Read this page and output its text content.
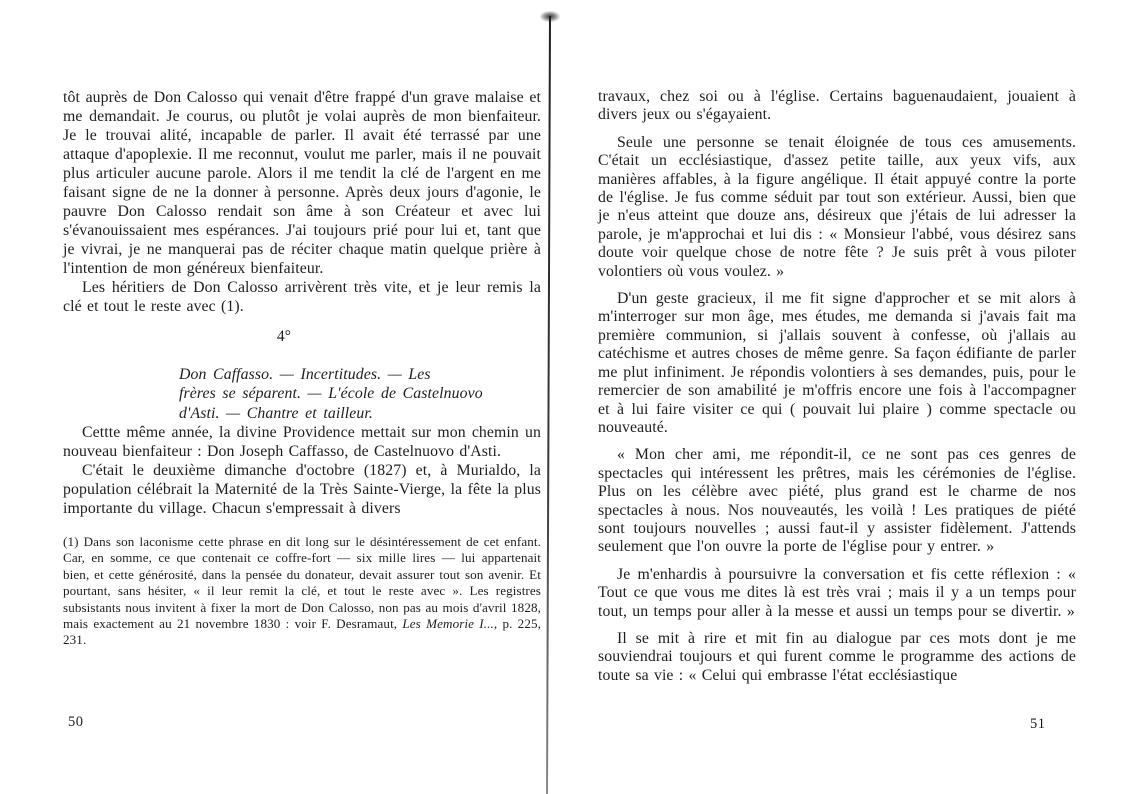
tôt auprès de Don Calosso qui venait d'être frappé d'un grave malaise et me demandait. Je courus, ou plutôt je volai auprès de mon bienfaiteur. Je le trouvai alité, incapable de parler. Il avait été terrassé par une attaque d'apoplexie. Il me reconnut, voulut me parler, mais il ne pouvait plus articuler aucune parole. Alors il me tendit la clé de l'argent en me faisant signe de ne la donner à personne. Après deux jours d'agonie, le pauvre Don Calosso rendait son âme à son Créateur et avec lui s'évanouissaient mes espérances. J'ai toujours prié pour lui et, tant que je vivrai, je ne manquerai pas de réciter chaque matin quelque prière à l'intention de mon généreux bienfaiteur.

Les héritiers de Don Calosso arrivèrent très vite, et je leur remis la clé et tout le reste avec (1).

4°
Don Caffasso. — Incertitudes. — Les
frères se séparent. — L'école de Castelnuovo
d'Asti. — Chantre et tailleur.

Cettte même année, la divine Providence mettait sur mon chemin un nouveau bienfaiteur : Don Joseph Caffasso, de Castelnuovo d'Asti.

C'était le deuxième dimanche d'octobre (1827) et, à Murialdo, la population célébrait la Maternité de la Très Sainte-Vierge, la fête la plus importante du village. Chacun s'empressait à divers

(1) Dans son laconisme cette phrase en dit long sur le désintéressement de cet enfant. Car, en somme, ce que contenait ce coffre-fort — six mille lires — lui appartenait bien, et cette générosité, dans la pensée du donateur, devait assurer tout son avenir. Et pourtant, sans hésiter, « il leur remit la clé, et tout le reste avec ». Les registres subsistants nous invitent à fixer la mort de Don Calosso, non pas au mois d'avril 1828, mais exactement au 21 novembre 1830 : voir F. Desramaut, Les Memorie I..., p. 225, 231.

travaux, chez soi ou à l'église. Certains baguenaudaient, jouaient à divers jeux ou s'égayaient.

Seule une personne se tenait éloignée de tous ces amusements. C'était un ecclésiastique, d'assez petite taille, aux yeux vifs, aux manières affables, à la figure angélique. Il était appuyé contre la porte de l'église. Je fus comme séduit par tout son extérieur. Aussi, bien que je n'eus atteint que douze ans, désireux que j'étais de lui adresser la parole, je m'approchai et lui dis : « Monsieur l'abbé, vous désirez sans doute voir quelque chose de notre fête ? Je suis prêt à vous piloter volontiers où vous voulez. »

D'un geste gracieux, il me fit signe d'approcher et se mit alors à m'interroger sur mon âge, mes études, me demanda si j'avais fait ma première communion, si j'allais souvent à confesse, où j'allais au catéchisme et autres choses de même genre. Sa façon édifiante de parler me plut infiniment. Je répondis volontiers à ses demandes, puis, pour le remercier de son amabilité je m'offris encore une fois à l'accompagner et à lui faire visiter ce qui ( pouvait lui plaire ) comme spectacle ou nouveauté.

« Mon cher ami, me répondit-il, ce ne sont pas ces genres de spectacles qui intéressent les prêtres, mais les cérémonies de l'église. Plus on les célèbre avec piété, plus grand est le charme de nos spectacles à nous. Nos nouveautés, les voilà ! Les pratiques de piété sont toujours nouvelles ; aussi faut-il y assister fidèlement. J'attends seulement que l'on ouvre la porte de l'église pour y entrer. »

Je m'enhardis à poursuivre la conversation et fis cette réflexion : « Tout ce que vous me dites là est très vrai ; mais il y a un temps pour tout, un temps pour aller à la messe et aussi un temps pour se divertir. »

Il se mit à rire et mit fin au dialogue par ces mots dont je me souviendrai toujours et qui furent comme le programme des actions de toute sa vie : « Celui qui embrasse l'état ecclésiastique

50	51
